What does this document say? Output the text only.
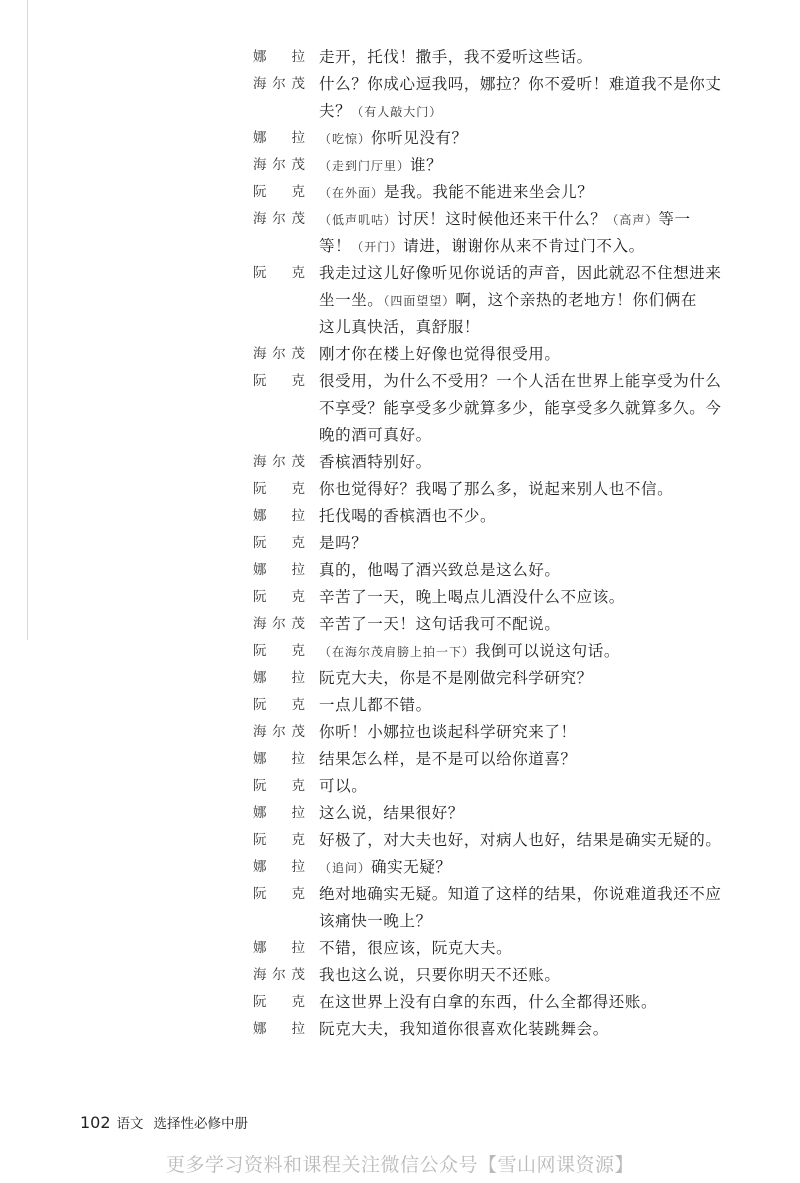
娜 拉 走开，托伐！撒手，我不爱听这些话。
海 尔 茂 什么？你成心逗我吗，娜拉？你不爱听！难道我不是你丈
夫？（有人敲大门）
娜 拉 （吃惊）你听见没有？
海 尔 茂 （走到门厅里）谁？
阮 克 （在外面）是我。我能不能进来坐会儿？
海 尔 茂 （低声叽咕）讨厌！这时候他还来干什么？（高声）等一
等！（开门）请进，谢谢你从来不肯过门不入。
阮 克 我走过这儿好像听见你说话的声音，因此就忍不住想进来
坐一坐。（四面望望）啊，这个亲热的老地方！你们俩在
这儿真快活，真舒服！
海 尔 茂 刚才你在楼上好像也觉得很受用。
阮 克 很受用，为什么不受用？一个人活在世界上能享受为什么
不享受？能享受多少就算多少，能享受多久就算多久。今
晚的酒可真好。
海 尔 茂 香槟酒特别好。
阮 克 你也觉得好？我喝了那么多，说起来别人也不信。
娜 拉 托伐喝的香槟酒也不少。
阮 克 是吗？
娜 拉 真的，他喝了酒兴致总是这么好。
阮 克 辛苦了一天，晚上喝点儿酒没什么不应该。
海 尔 茂 辛苦了一天！这句话我可不配说。
阮 克 （在海尔茂肩膀上拍一下）我倒可以说这句话。
娜 拉 阮克大夫，你是不是刚做完科学研究？
阮 克 一点儿都不错。
海 尔 茂 你听！小娜拉也谈起科学研究来了！
娜 拉 结果怎么样，是不是可以给你道喜？
阮 克 可以。
娜 拉 这么说，结果很好？
阮 克 好极了，对大夫也好，对病人也好，结果是确实无疑的。
娜 拉 （追问）确实无疑？
阮 克 绝对地确实无疑。知道了这样的结果，你说难道我还不应
该痛快一晚上？
娜 拉 不错，很应该，阮克大夫。
海 尔 茂 我也这么说，只要你明天不还账。
阮 克 在这世界上没有白拿的东西，什么全都得还账。
娜 拉 阮克大夫，我知道你很喜欢化装跳舞会。
102 语文 选择性必修中册
更多学习资料和课程关注微信公众号【雪山网课资源】
